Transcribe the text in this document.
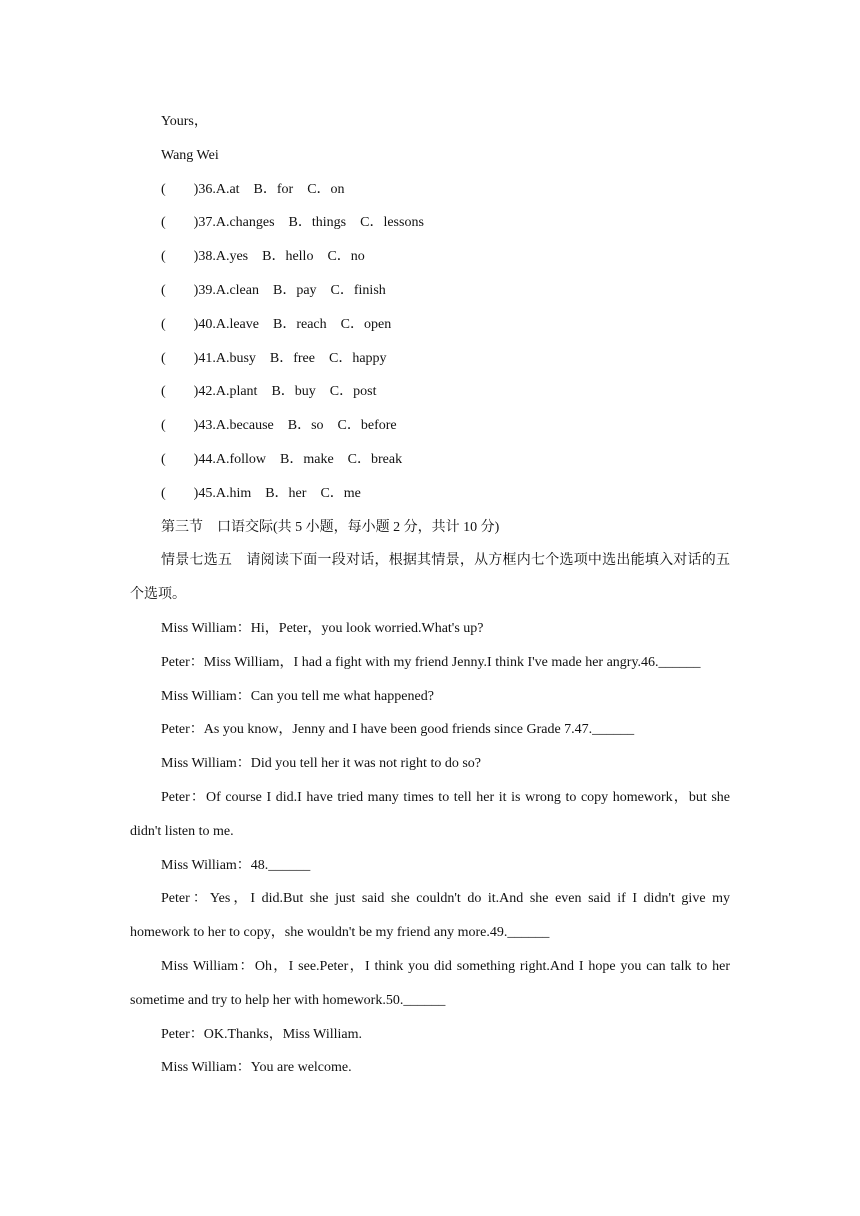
Yours，
Wang Wei
(　　)36.A.at B．for C．on
(　　)37.A.changes B．things C．lessons
(　　)38.A.yes B．hello C．no
(　　)39.A.clean B．pay C．finish
(　　)40.A.leave B．reach C．open
(　　)41.A.busy B．free C．happy
(　　)42.A.plant B．buy C．post
(　　)43.A.because B．so C．before
(　　)44.A.follow B．make C．break
(　　)45.A.him B．her C．me
第三节　口语交际(共 5 小题，每小题 2 分，共计 10 分)
情景七选五　请阅读下面一段对话，根据其情景，从方框内七个选项中选出能填入对话的五个选项。
Miss William：Hi，Peter，you look worried.What's up?
Peter：Miss William，I had a fight with my friend Jenny.I think I've made her angry.46.______
Miss William：Can you tell me what happened?
Peter：As you know，Jenny and I have been good friends since Grade 7.47.______
Miss William：Did you tell her it was not right to do so?
Peter：Of course I did.I have tried many times to tell her it is wrong to copy homework，but she didn't listen to me.
Miss William：48.______
Peter：Yes，I did.But she just said she couldn't do it.And she even said if I didn't give my homework to her to copy，she wouldn't be my friend any more.49.______
Miss William：Oh，I see.Peter，I think you did something right.And I hope you can talk to her sometime and try to help her with homework.50.______
Peter：OK.Thanks，Miss William.
Miss William：You are welcome.
